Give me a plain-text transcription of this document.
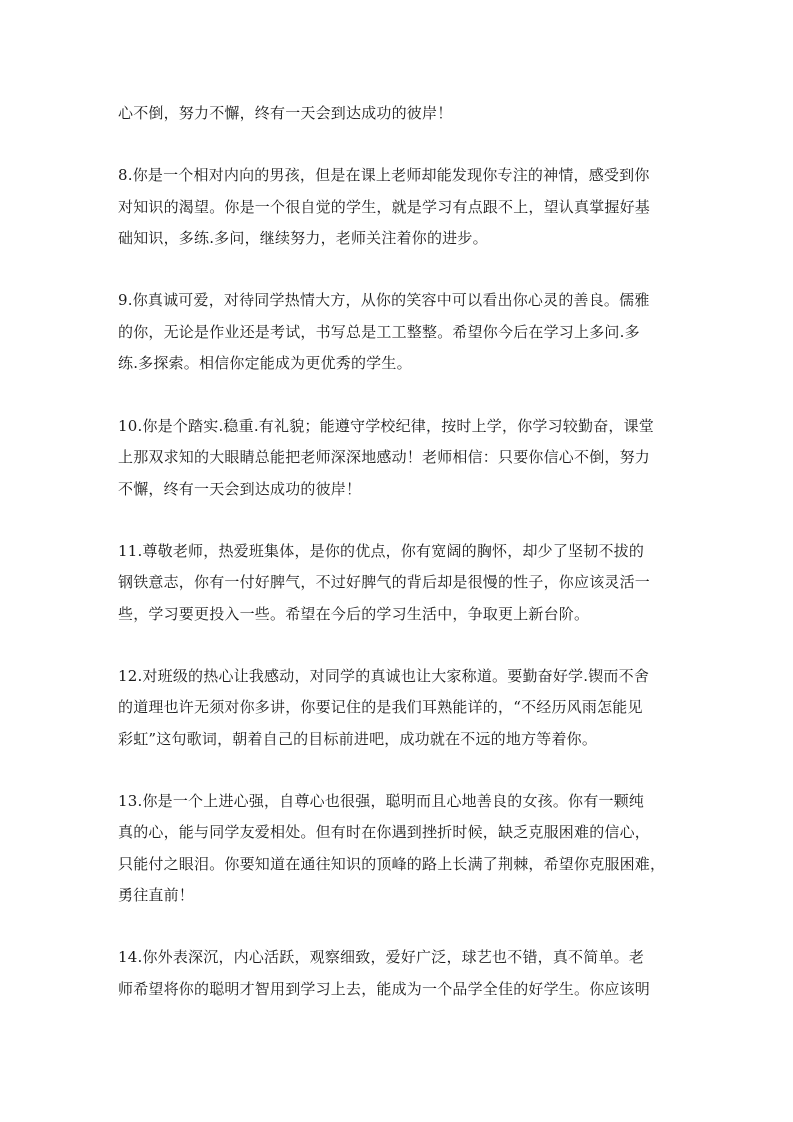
心不倒，努力不懈，终有一天会到达成功的彼岸！
8.你是一个相对内向的男孩，但是在课上老师却能发现你专注的神情，感受到你
对知识的渴望。你是一个很自觉的学生，就是学习有点跟不上，望认真掌握好基
础知识，多练.多问，继续努力，老师关注着你的进步。
9.你真诚可爱，对待同学热情大方，从你的笑容中可以看出你心灵的善良。儒雅
的你，无论是作业还是考试，书写总是工工整整。希望你今后在学习上多问.多
练.多探索。相信你定能成为更优秀的学生。
10.你是个踏实.稳重.有礼貌；能遵守学校纪律，按时上学，你学习较勤奋，课堂
上那双求知的大眼睛总能把老师深深地感动！老师相信：只要你信心不倒，努力
不懈，终有一天会到达成功的彼岸！
11.尊敬老师，热爱班集体，是你的优点，你有宽阔的胸怀，却少了坚韧不拔的
钢铁意志，你有一付好脾气，不过好脾气的背后却是很慢的性子，你应该灵活一
些，学习要更投入一些。希望在今后的学习生活中，争取更上新台阶。
12.对班级的热心让我感动，对同学的真诚也让大家称道。要勤奋好学.锲而不舍
的道理也许无须对你多讲，你要记住的是我们耳熟能详的，“不经历风雨怎能见
彩虹”这句歌词，朝着自己的目标前进吧，成功就在不远的地方等着你。
13.你是一个上进心强，自尊心也很强，聪明而且心地善良的女孩。你有一颗纯
真的心，能与同学友爱相处。但有时在你遇到挫折时候，缺乏克服困难的信心，
只能付之眼泪。你要知道在通往知识的顶峰的路上长满了荆棘，希望你克服困难，
勇往直前！
14.你外表深沉，内心活跃，观察细致，爱好广泛，球艺也不错，真不简单。老
师希望将你的聪明才智用到学习上去，能成为一个品学全佳的好学生。你应该明
